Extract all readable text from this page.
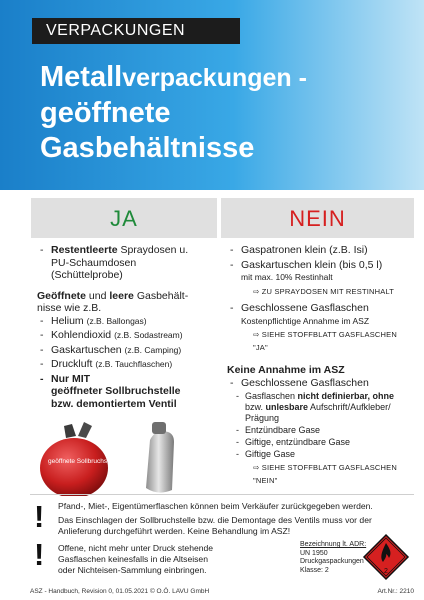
VERPACKUNGEN
Metallverpackungen -
geöffnete
Gasbehältnisse
JA
- Restentleerte Spraydosen u.
PU-Schaumdosen
(Schüttelprobe)
Geöffnete und leere Gasbehält-
nisse wie z.B.
- Helium (z.B. Ballongas)
- Kohlendioxid (z.B. Sodastream)
- Gaskartuschen (z.B. Camping)
- Druckluft (z.B. Tauchflaschen)
- Nur MIT
geöffneter Sollbruchstelle
bzw. demontiertem Ventil
geöffnete Sollbruchstelle
NEIN
- Gaspatronen klein (z.B. Isi)
- Gaskartuschen klein (bis 0,5 l)
mit max. 10% Restinhalt
⇨ ZU SPRAYDOSEN MIT RESTINHALT
- Geschlossene Gasflaschen
Kostenpflichtige Annahme im ASZ
⇨ SIEHE STOFFBLATT GASFLASCHEN "JA"
Keine Annahme im ASZ
- Geschlossene Gasflaschen
- Gasflaschen nicht definierbar, ohne
bzw. unlesbare Aufschrift/Aufkleber/
Prägung
- Entzündbare Gase
- Giftige, entzündbare Gase
- Giftige Gase
⇨ SIEHE STOFFBLATT GASFLASCHEN "NEIN"
! Pfand-, Miet-, Eigentümerflaschen können beim Verkäufer zurückgegeben werden.
Das Einschlagen der Sollbruchstelle bzw. die Demontage des Ventils muss vor der
Anlieferung durchgeführt werden. Keine Behandlung im ASZ!
! Offene, nicht mehr unter Druck stehende
Gasflaschen keinesfalls in die Altseisen
oder Nichteisen-Sammlung einbringen.
Bezeichnung lt. ADR:
UN 1950
Druckgaspackungen
Klasse: 2	2
ASZ - Handbuch, Revision 0, 01.05.2021 © O.Ö. LAVU GmbH	Art.Nr.: 2210
